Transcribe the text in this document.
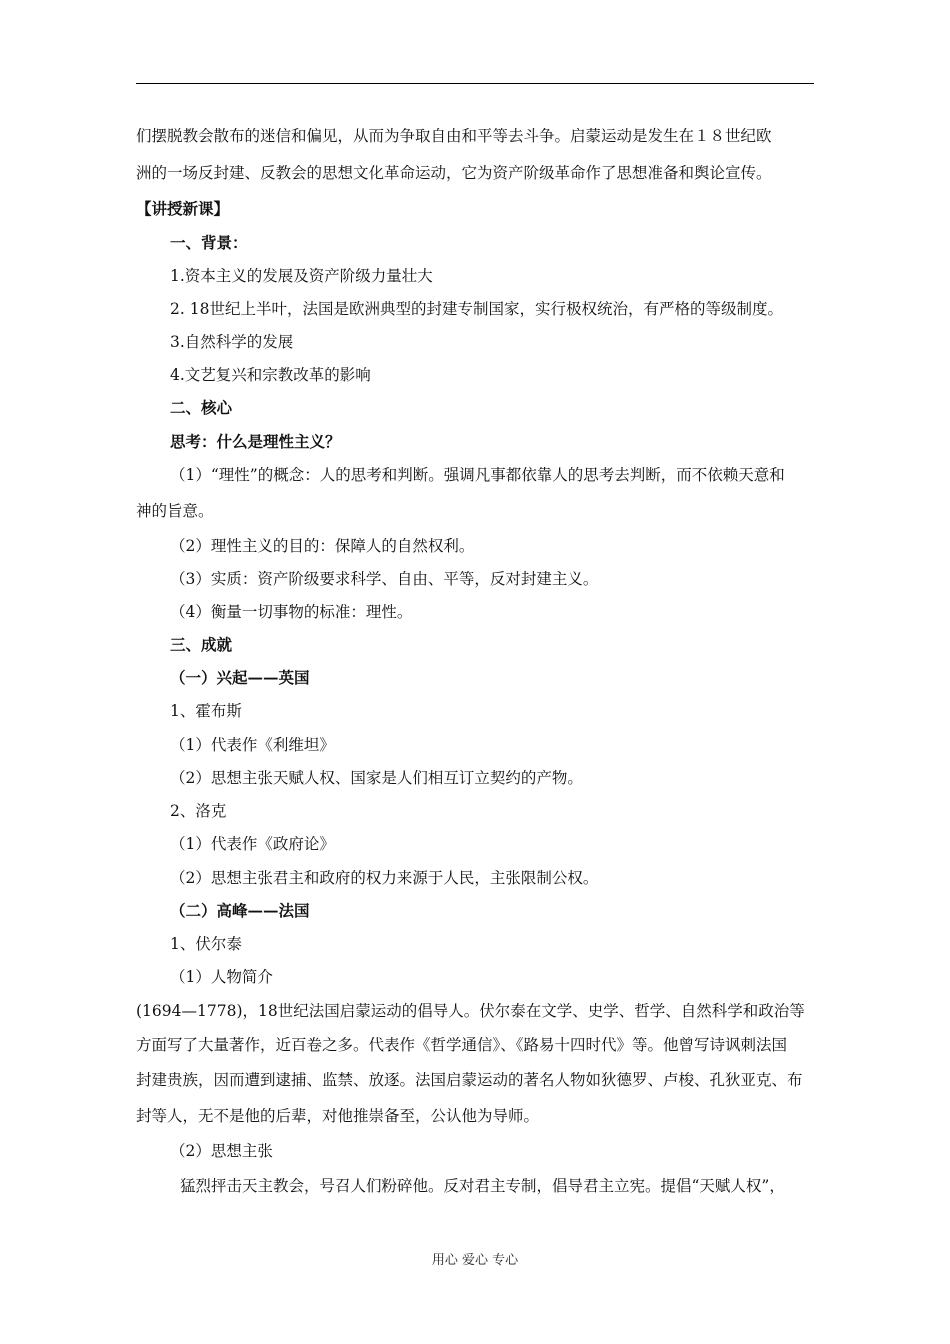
们摆脱教会散布的迷信和偏见，从而为争取自由和平等去斗争。启蒙运动是发生在１８世纪欧
洲的一场反封建、反教会的思想文化革命运动，它为资产阶级革命作了思想准备和舆论宣传。
【讲授新课】
一、背景：
1.资本主义的发展及资产阶级力量壮大
2. 18世纪上半叶，法国是欧洲典型的封建专制国家，实行极权统治，有严格的等级制度。
3.自然科学的发展
4.文艺复兴和宗教改革的影响
二、核心
思考：什么是理性主义？
（1）“理性”的概念：人的思考和判断。强调凡事都依靠人的思考去判断，而不依赖天意和
神的旨意。
（2）理性主义的目的：保障人的自然权利。
（3）实质：资产阶级要求科学、自由、平等，反对封建主义。
（4）衡量一切事物的标准：理性。
三、成就
（一）兴起——英国
1、霍布斯
（1）代表作《利维坦》
（2）思想主张天赋人权、国家是人们相互订立契约的产物。
2、洛克
（1）代表作《政府论》
（2）思想主张君主和政府的权力来源于人民，主张限制公权。
（二）高峰——法国
1、伏尔泰
（1）人物简介
(1694—1778)，18世纪法国启蒙运动的倡导人。伏尔泰在文学、史学、哲学、自然科学和政治等
方面写了大量著作，近百卷之多。代表作《哲学通信》、《路易十四时代》等。他曾写诗讽刺法国
封建贵族，因而遭到逮捕、监禁、放逐。法国启蒙运动的著名人物如狄德罗、卢梭、孔狄亚克、布
封等人，无不是他的后辈，对他推崇备至，公认他为导师。
（2）思想主张
猛烈抨击天主教会，号召人们粉碎他。反对君主专制，倡导君主立宪。提倡“天赋人权”，
用心 爱心 专心
